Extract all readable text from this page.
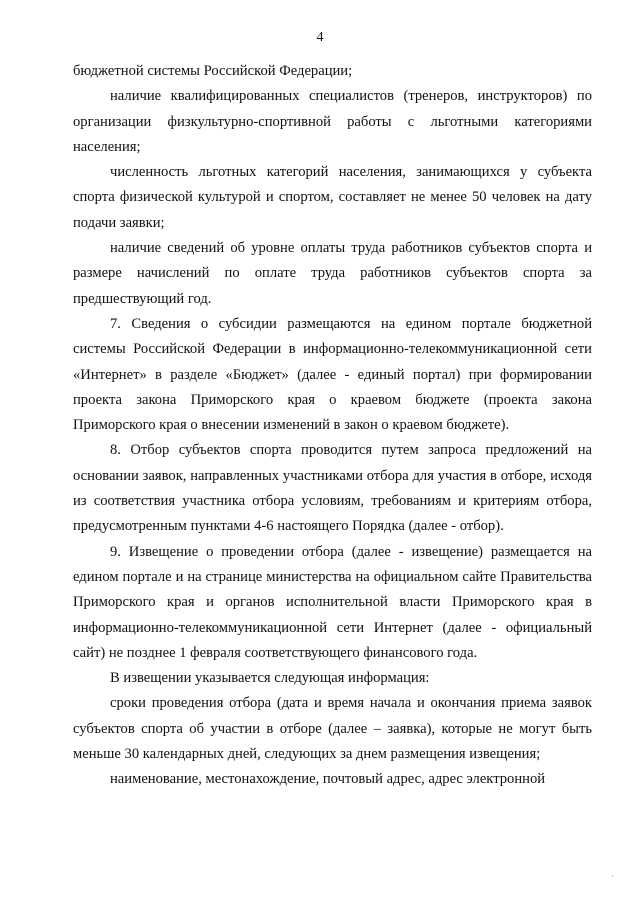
4

бюджетной системы Российской Федерации;

наличие квалифицированных специалистов (тренеров, инструкторов) по организации физкультурно-спортивной работы с льготными категориями населения;

численность льготных категорий населения, занимающихся у субъекта спорта физической культурой и спортом, составляет не менее 50 человек на дату подачи заявки;

наличие сведений об уровне оплаты труда работников субъектов спорта и размере начислений по оплате труда работников субъектов спорта за предшествующий год.

7. Сведения о субсидии размещаются на едином портале бюджетной системы Российской Федерации в информационно-телекоммуникационной сети «Интернет» в разделе «Бюджет» (далее - единый портал) при формировании проекта закона Приморского края о краевом бюджете (проекта закона Приморского края о внесении изменений в закон о краевом бюджете).

8. Отбор субъектов спорта проводится путем запроса предложений на основании заявок, направленных участниками отбора для участия в отборе, исходя из соответствия участника отбора условиям, требованиям и критериям отбора, предусмотренным пунктами 4-6 настоящего Порядка (далее - отбор).

9. Извещение о проведении отбора (далее - извещение) размещается на едином портале и на странице министерства на официальном сайте Правительства Приморского края и органов исполнительной власти Приморского края в информационно-телекоммуникационной сети Интернет (далее - официальный сайт) не позднее 1 февраля соответствующего финансового года.

В извещении указывается следующая информация:

сроки проведения отбора (дата и время начала и окончания приема заявок субъектов спорта об участии в отборе (далее – заявка), которые не могут быть меньше 30 календарных дней, следующих за днем размещения извещения;

наименование, местонахождение, почтовый адрес, адрес электронной

·
